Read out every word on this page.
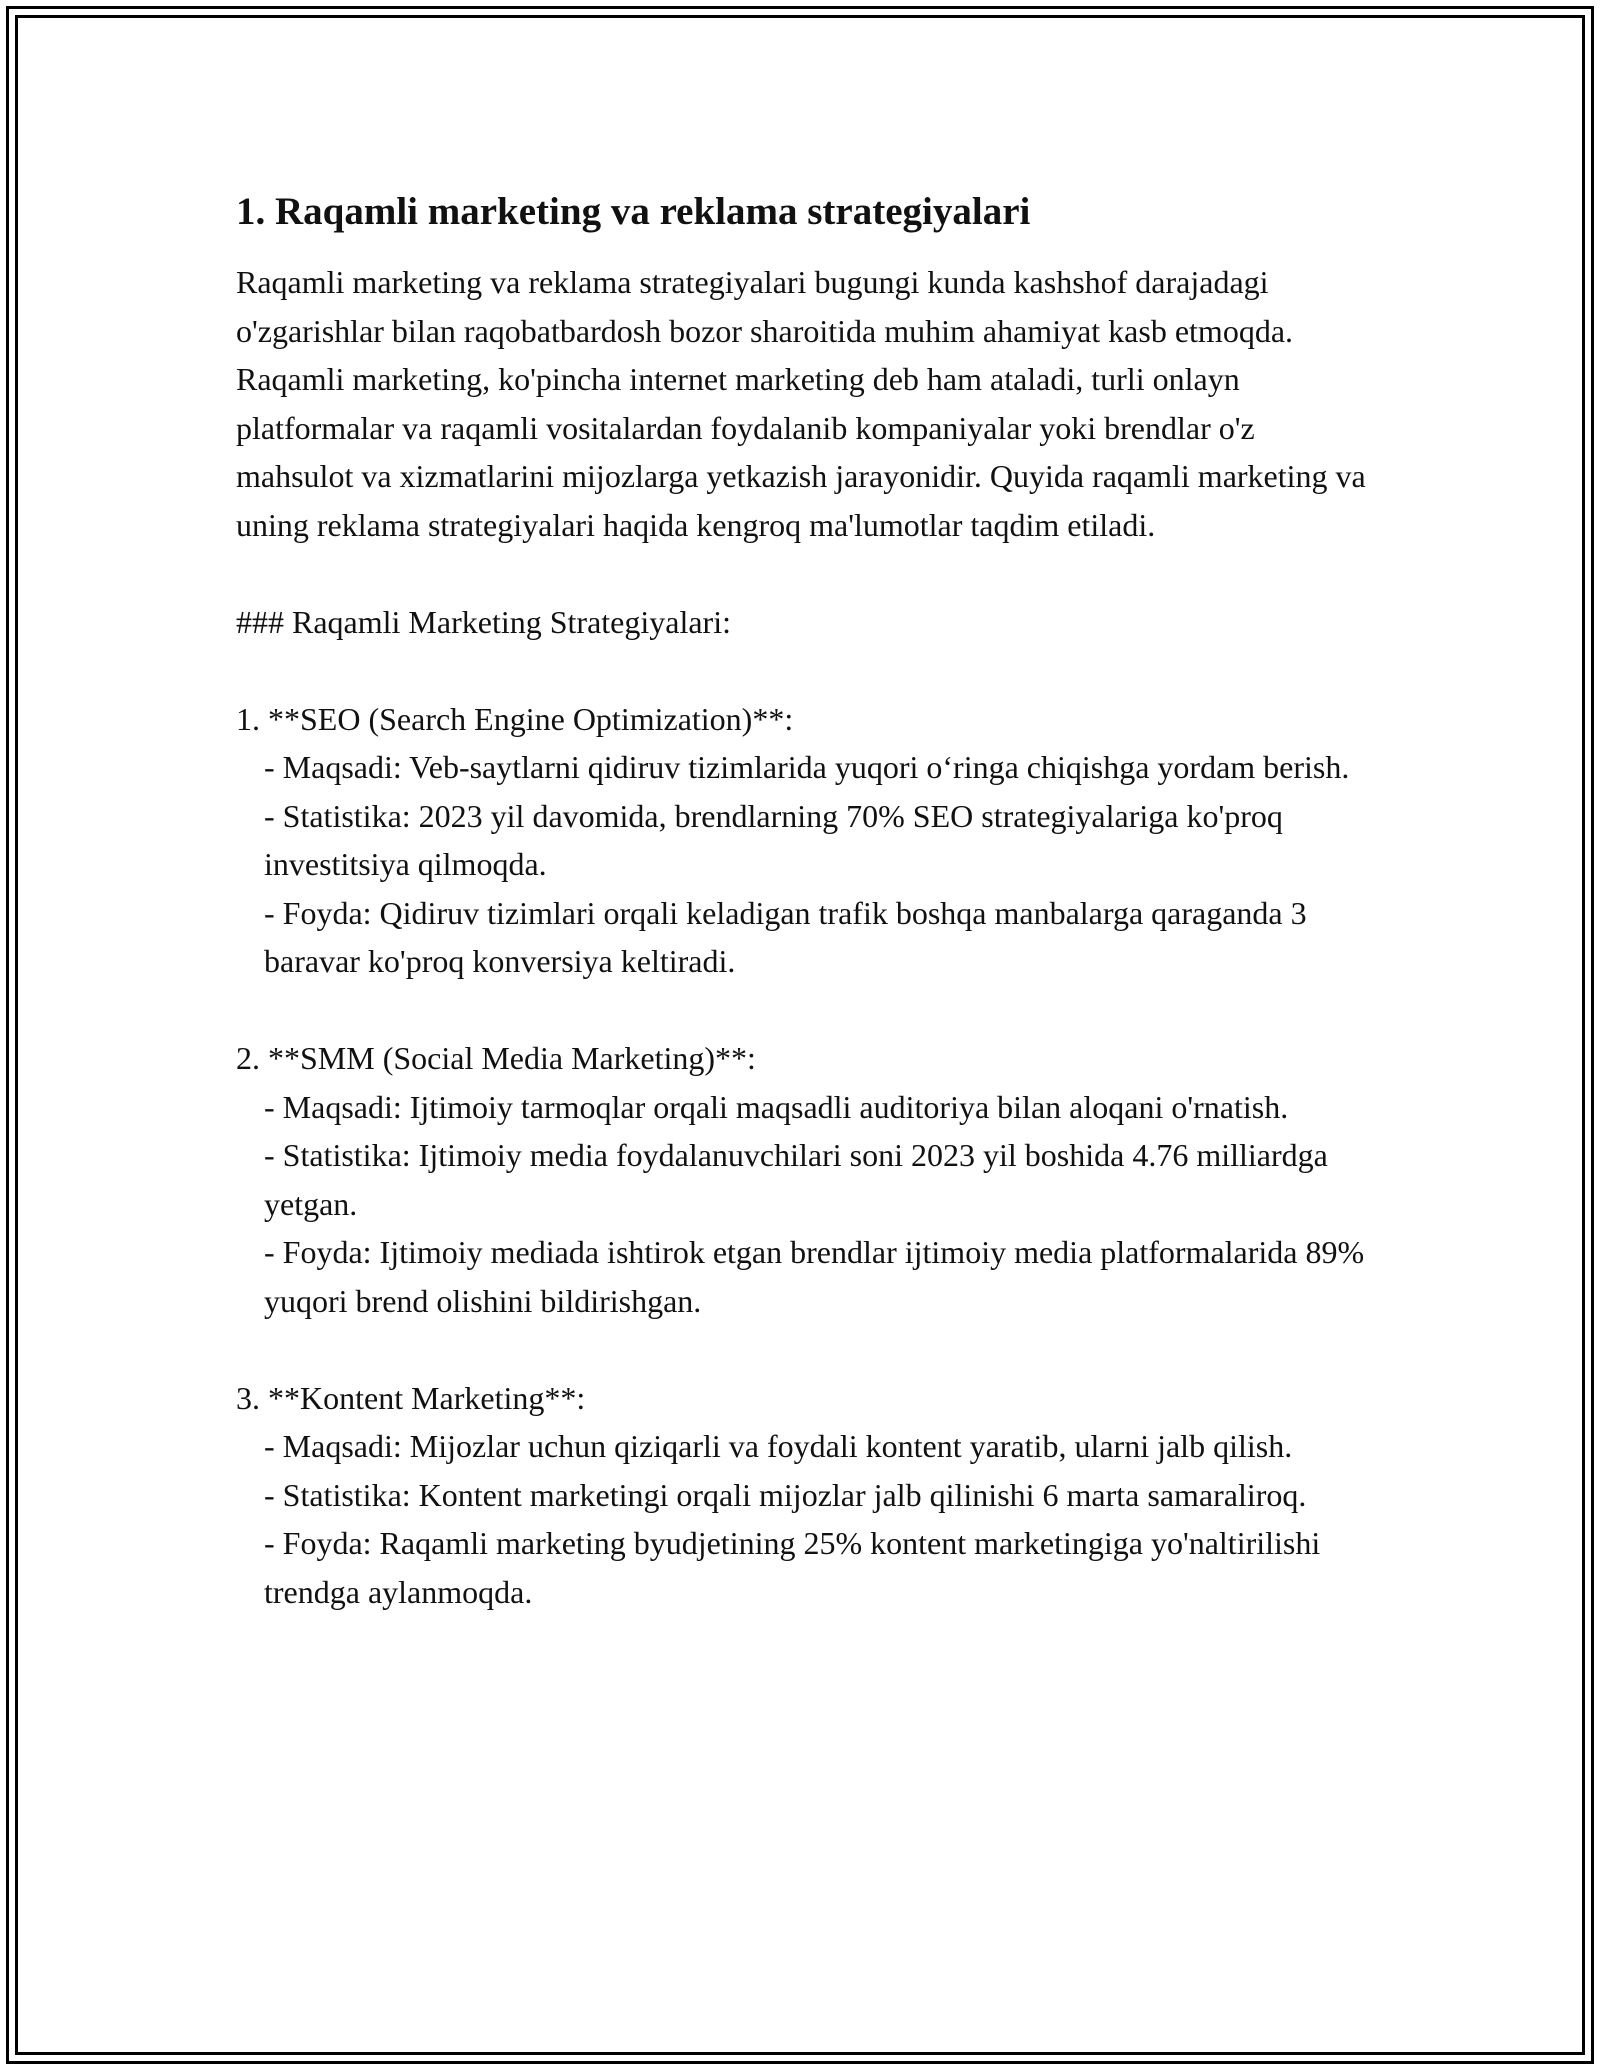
1. Raqamli marketing va reklama strategiyalari

Raqamli marketing va reklama strategiyalari bugungi kunda kashshof darajadagi o'zgarishlar bilan raqobatbardosh bozor sharoitida muhim ahamiyat kasb etmoqda. Raqamli marketing, ko'pincha internet marketing deb ham ataladi, turli onlayn platformalar va raqamli vositalardan foydalanib kompaniyalar yoki brendlar o'z mahsulot va xizmatlarini mijozlarga yetkazish jarayonidir. Quyida raqamli marketing va uning reklama strategiyalari haqida kengroq ma'lumotlar taqdim etiladi.

### Raqamli Marketing Strategiyalari:

1. **SEO (Search Engine Optimization)**:

- Maqsadi: Veb-saytlarni qidiruv tizimlarida yuqori o‘ringa chiqishga yordam berish.

- Statistika: 2023 yil davomida, brendlarning 70% SEO strategiyalariga ko'proq investitsiya qilmoqda.

- Foyda: Qidiruv tizimlari orqali keladigan trafik boshqa manbalarga qaraganda 3 baravar ko'proq konversiya keltiradi.

2. **SMM (Social Media Marketing)**:

- Maqsadi: Ijtimoiy tarmoqlar orqali maqsadli auditoriya bilan aloqani o'rnatish.

- Statistika: Ijtimoiy media foydalanuvchilari soni 2023 yil boshida 4.76 milliardga yetgan.

- Foyda: Ijtimoiy mediada ishtirok etgan brendlar ijtimoiy media platformalarida 89% yuqori brend olishini bildirishgan.

3. **Kontent Marketing**:

- Maqsadi: Mijozlar uchun qiziqarli va foydali kontent yaratib, ularni jalb qilish.

- Statistika: Kontent marketingi orqali mijozlar jalb qilinishi 6 marta samaraliroq.

- Foyda: Raqamli marketing byudjetining 25% kontent marketingiga yo'naltirilishi trendga aylanmoqda.
